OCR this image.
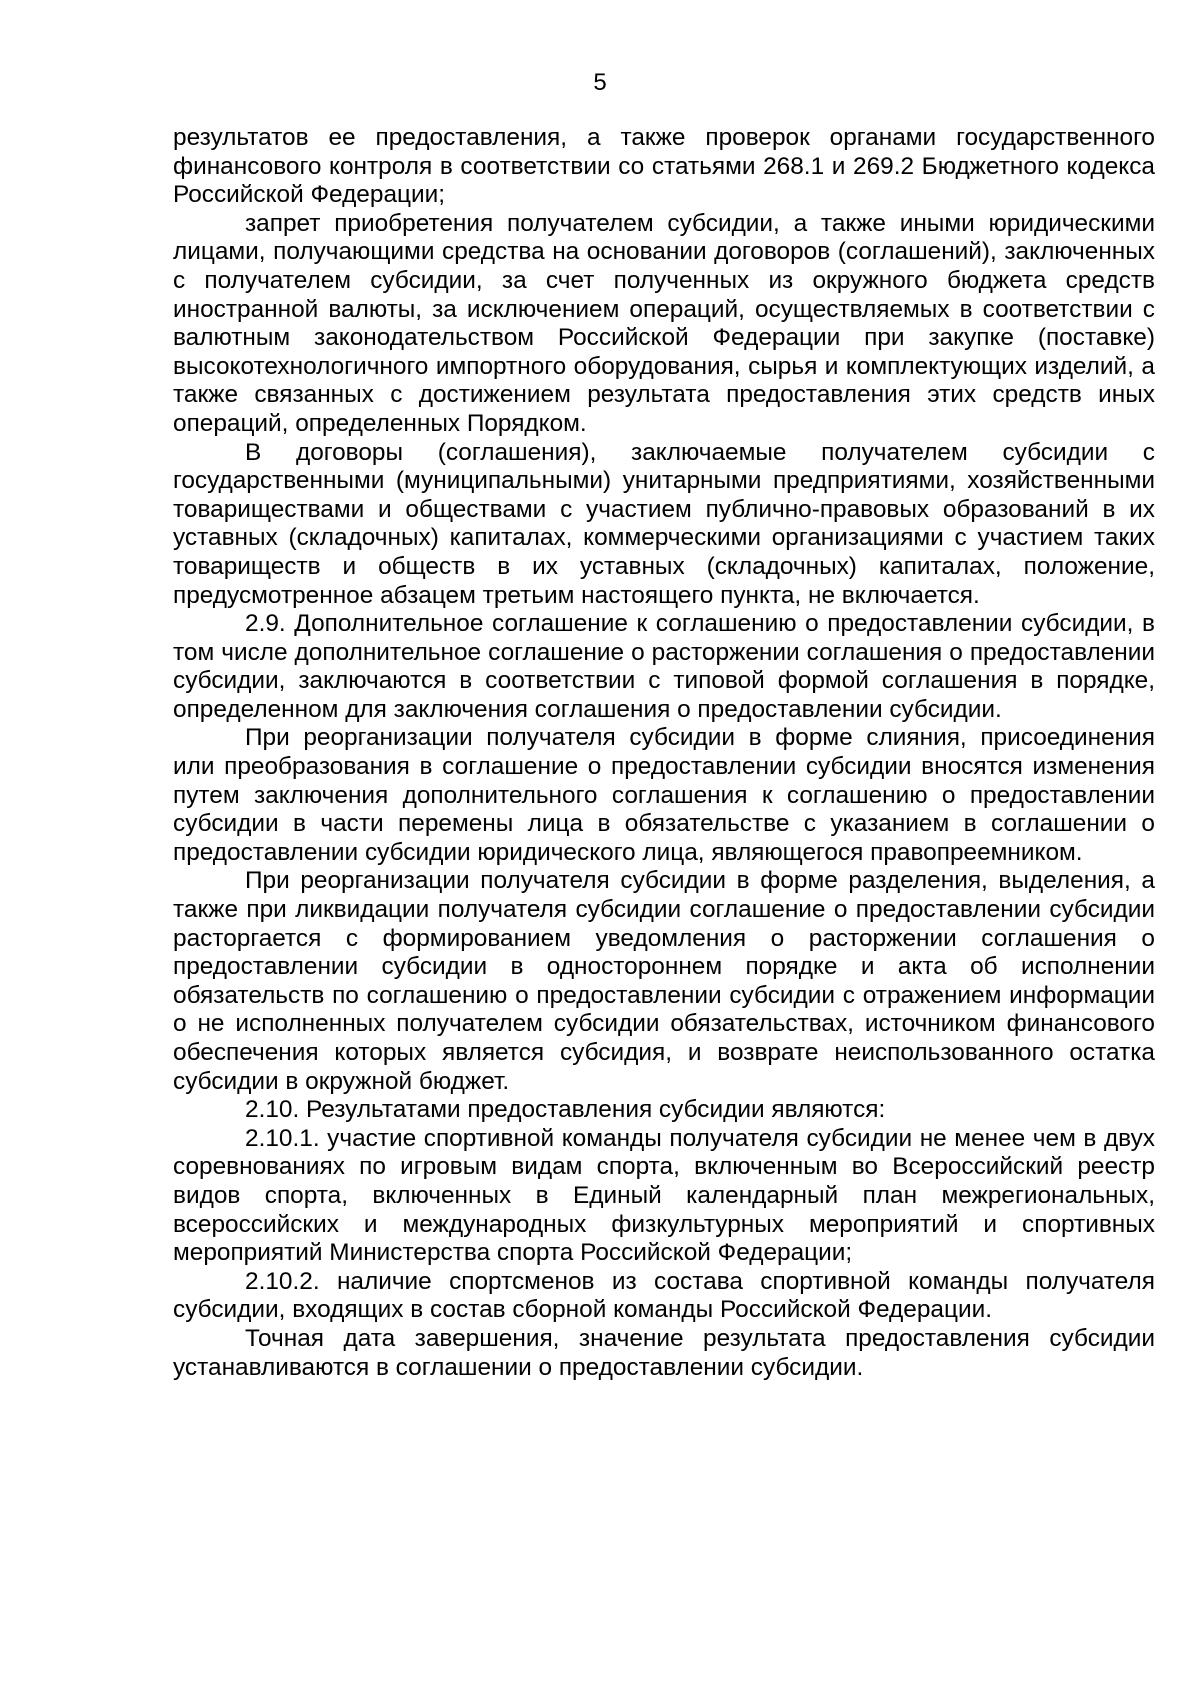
5

результатов ее предоставления, а также проверок органами государственного финансового контроля в соответствии со статьями 268.1 и 269.2 Бюджетного кодекса Российской Федерации;

запрет приобретения получателем субсидии, а также иными юридическими лицами, получающими средства на основании договоров (соглашений), заключенных с получателем субсидии, за счет полученных из окружного бюджета средств иностранной валюты, за исключением операций, осуществляемых в соответствии с валютным законодательством Российской Федерации при закупке (поставке) высокотехнологичного импортного оборудования, сырья и комплектующих изделий, а также связанных с достижением результата предоставления этих средств иных операций, определенных Порядком.

В договоры (соглашения), заключаемые получателем субсидии с государственными (муниципальными) унитарными предприятиями, хозяйственными товариществами и обществами с участием публично-правовых образований в их уставных (складочных) капиталах, коммерческими организациями с участием таких товариществ и обществ в их уставных (складочных) капиталах, положение, предусмотренное абзацем третьим настоящего пункта, не включается.

2.9. Дополнительное соглашение к соглашению о предоставлении субсидии, в том числе дополнительное соглашение о расторжении соглашения о предоставлении субсидии, заключаются в соответствии с типовой формой соглашения в порядке, определенном для заключения соглашения о предоставлении субсидии.

При реорганизации получателя субсидии в форме слияния, присоединения или преобразования в соглашение о предоставлении субсидии вносятся изменения путем заключения дополнительного соглашения к соглашению о предоставлении субсидии в части перемены лица в обязательстве с указанием в соглашении о предоставлении субсидии юридического лица, являющегося правопреемником.

При реорганизации получателя субсидии в форме разделения, выделения, а также при ликвидации получателя субсидии соглашение о предоставлении субсидии расторгается с формированием уведомления о расторжении соглашения о предоставлении субсидии в одностороннем порядке и акта об исполнении обязательств по соглашению о предоставлении субсидии с отражением информации о не исполненных получателем субсидии обязательствах, источником финансового обеспечения которых является субсидия, и возврате неиспользованного остатка субсидии в окружной бюджет.

2.10. Результатами предоставления субсидии являются:

2.10.1. участие спортивной команды получателя субсидии не менее чем в двух соревнованиях по игровым видам спорта, включенным во Всероссийский реестр видов спорта, включенных в Единый календарный план межрегиональных, всероссийских и международных физкультурных мероприятий и спортивных мероприятий Министерства спорта Российской Федерации;

2.10.2. наличие спортсменов из состава спортивной команды получателя субсидии, входящих в состав сборной команды Российской Федерации.

Точная дата завершения, значение результата предоставления субсидии устанавливаются в соглашении о предоставлении субсидии.
